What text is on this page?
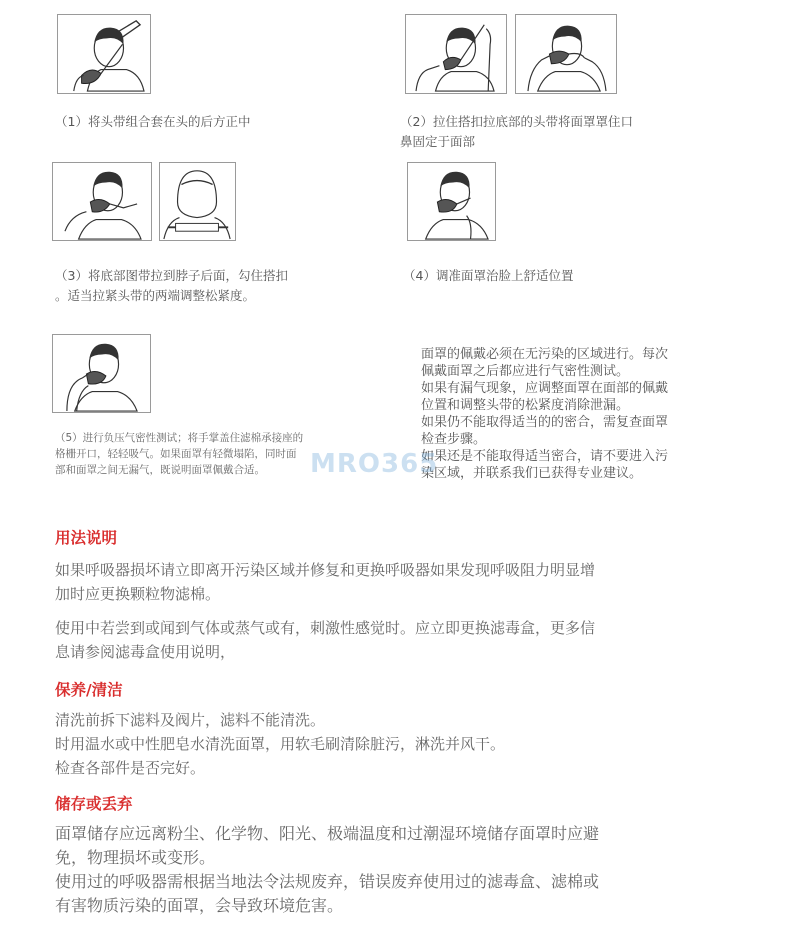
（1）将头带组合套在头的后方正中	（2）拉住搭扣拉底部的头带将面罩罩住口
鼻固定于面部
（3）将底部图带拉到脖子后面，勾住搭扣
。适当拉紧头带的两端调整松紧度。
（4）调准面罩治脸上舒适位置
（5）进行负压气密性测试；将手掌盖住滤棉承接座的
格栅开口，轻轻吸气。如果面罩有轻微塌陷，同时面
部和面罩之间无漏气，既说明面罩佩戴合适。

面罩的佩戴必须在无污染的区域进行。每次

佩戴面罩之后都应进行气密性测试。

如果有漏气现象，应调整面罩在面部的佩戴

位置和调整头带的松紧度消除泄漏。

如果仍不能取得适当的的密合，需复查面罩

检查步骤。

如果还是不能取得适当密合，请不要进入污

染区域，并联系我们已获得专业建议。

MRO365
用法说明

如果呼吸器损坏请立即离开污染区域并修复和更换呼吸器如果发现呼吸阻力明显增

加时应更换颗粒物滤棉。

使用中若尝到或闻到气体或蒸气或有，刺激性感觉时。应立即更换滤毒盒，更多信

息请参阅滤毒盒使用说明，

保养/清洁

清洗前拆下滤料及阀片，滤料不能清洗。

时用温水或中性肥皂水清洗面罩，用软毛刷清除脏污，淋洗并风干。

检查各部件是否完好。

储存或丢弃

面罩储存应远离粉尘、化学物、阳光、极端温度和过潮湿环境储存面罩时应避

免，物理损坏或变形。

使用过的呼吸器需根据当地法令法规废弃，错误废弃使用过的滤毒盒、滤棉或

有害物质污染的面罩，会导致环境危害。
